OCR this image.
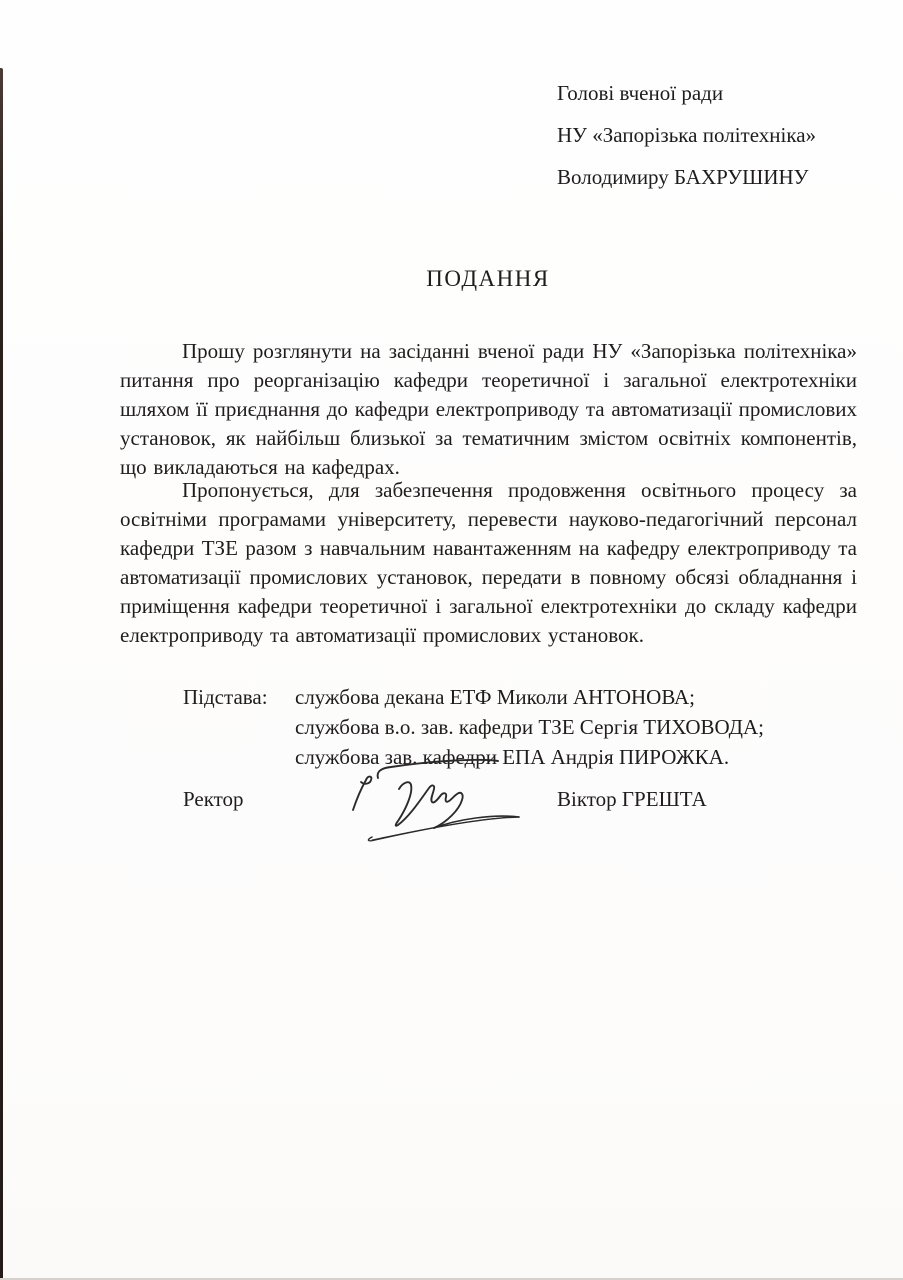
Голові вченої ради
НУ «Запорізька політехніка»
Володимиру БАХРУШИНУ
ПОДАННЯ

Прошу розглянути на засіданні вченої ради НУ «Запорізька політехніка» питання про реорганізацію кафедри теоретичної і загальної електротехніки шляхом її приєднання до кафедри електроприводу та автоматизації промислових установок, як найбільш близької за тематичним змістом освітніх компонентів, що викладаються на кафедрах.

Пропонується, для забезпечення продовження освітнього процесу за освітніми програмами університету, перевести науково-педагогічний персонал кафедри ТЗЕ разом з навчальним навантаженням на кафедру електроприводу та автоматизації промислових установок, передати в повному обсязі обладнання і приміщення кафедри теоретичної і загальної електротехніки до складу кафедри електроприводу та автоматизації промислових установок.

Підстава:	службова декана ЕТФ Миколи АНТОНОВА;
службова в.о. зав. кафедри ТЗЕ Сергія ТИХОВОДА;
службова зав. кафедри ЕПА Андрія ПИРОЖКА.
Ректор	Віктор ГРЕШТА
